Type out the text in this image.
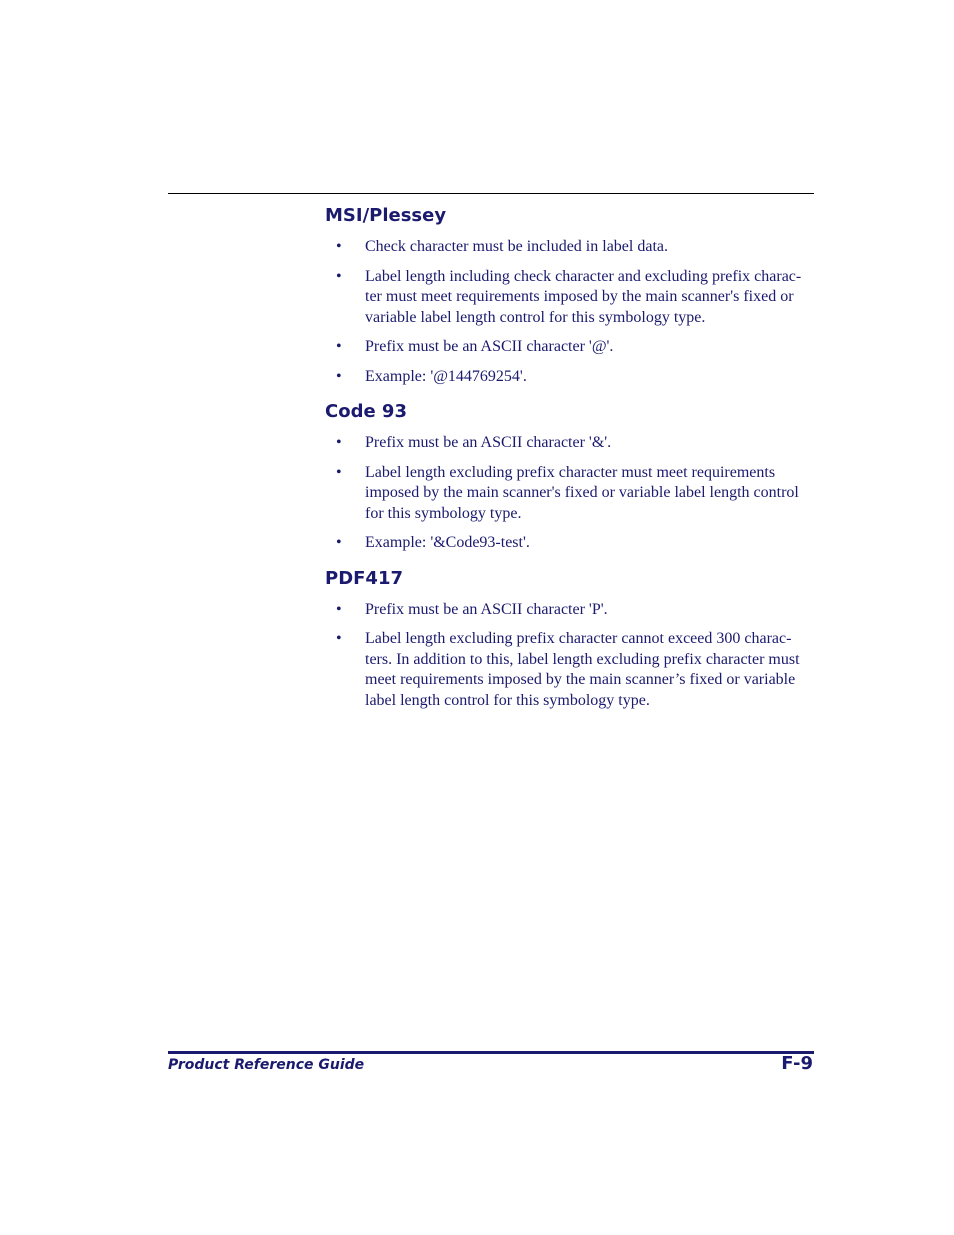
MSI/Plessey
• Check character must be included in label data.
• Label length including check character and excluding prefix charac-ter must meet requirements imposed by the main scanner's fixed or variable label length control for this symbology type.
• Prefix must be an ASCII character '@'.
• Example: '@144769254'.
Code 93
• Prefix must be an ASCII character '&'.
• Label length excluding prefix character must meet requirements imposed by the main scanner's fixed or variable label length control for this symbology type.
• Example: '&Code93-test'.
PDF417
• Prefix must be an ASCII character 'P'.
• Label length excluding prefix character cannot exceed 300 charac-ters. In addition to this, label length excluding prefix character must meet requirements imposed by the main scanner’s fixed or variable label length control for this symbology type.
Product Reference Guide	F-9
